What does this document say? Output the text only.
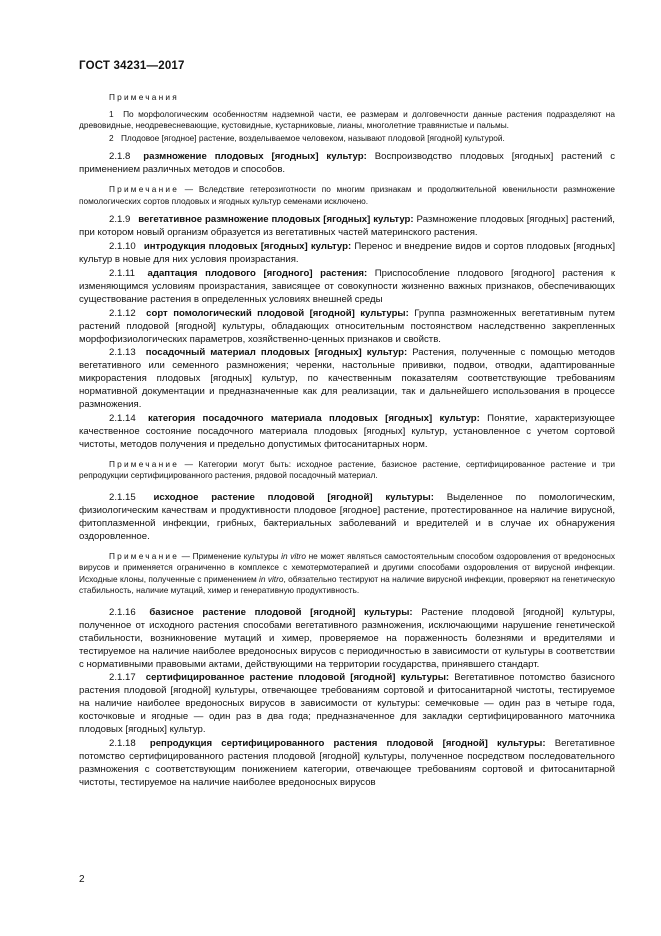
ГОСТ 34231—2017
Примечания

1 По морфологическим особенностям надземной части, ее размерам и долговечности данные растения подразделяют на древовидные, неодревесневающие, кустовидные, кустарниковые, лианы, многолетние травянистые и пальмы.

2 Плодовое [ягодное] растение, возделываемое человеком, называют плодовой [ягодной] культурой.

2.1.8 размножение плодовых [ягодных] культур: Воспроизводство плодовых [ягодных] растений с применением различных методов и способов.

Примечание — Вследствие гетерозиготности по многим признакам и продолжительной ювенильности размножение помологических сортов плодовых и ягодных культур семенами исключено.

2.1.9 вегетативное размножение плодовых [ягодных] культур: Размножение плодовых [ягодных] растений, при котором новый организм образуется из вегетативных частей материнского растения.

2.1.10 интродукция плодовых [ягодных] культур: Перенос и внедрение видов и сортов плодовых [ягодных] культур в новые для них условия произрастания.

2.1.11 адаптация плодового [ягодного] растения: Приспособление плодового [ягодного] растения к изменяющимся условиям произрастания, зависящее от совокупности жизненно важных признаков, обеспечивающих существование растения в определенных условиях внешней среды

2.1.12 сорт помологический плодовой [ягодной] культуры: Группа размноженных вегетативным путем растений плодовой [ягодной] культуры, обладающих относительным постоянством наследственно закрепленных морфофизиологических параметров, хозяйственно-ценных признаков и свойств.

2.1.13 посадочный материал плодовых [ягодных] культур: Растения, полученные с помощью методов вегетативного или семенного размножения; черенки, настольные прививки, подвои, отводки, адаптированные микрорастения плодовых [ягодных] культур, по качественным показателям соответствующие требованиям нормативной документации и предназначенные как для реализации, так и дальнейшего использования в процессе размножения.

2.1.14 категория посадочного материала плодовых [ягодных] культур: Понятие, характеризующее качественное состояние посадочного материала плодовых [ягодных] культур, установленное с учетом сортовой чистоты, методов получения и предельно допустимых фитосанитарных норм.

Примечание — Категории могут быть: исходное растение, базисное растение, сертифицированное растение и три репродукции сертифицированного растения, рядовой посадочный материал.

2.1.15 исходное растение плодовой [ягодной] культуры: Выделенное по помологическим, физиологическим качествам и продуктивности плодовое [ягодное] растение, протестированное на наличие вирусной, фитоплазменной инфекции, грибных, бактериальных заболеваний и вредителей и в случае их обнаружения оздоровленное.

Примечание — Применение культуры in vitro не может являться самостоятельным способом оздоровления от вредоносных вирусов и применяется ограниченно в комплексе с хемотермотерапией и другими способами оздоровления от вирусной инфекции. Исходные клоны, полученные с применением in vitro, обязательно тестируют на наличие вирусной инфекции, проверяют на генетическую стабильность, наличие мутаций, химер и генеративную продуктивность.

2.1.16 базисное растение плодовой [ягодной] культуры: Растение плодовой [ягодной] культуры, полученное от исходного растения способами вегетативного размножения, исключающими нарушение генетической стабильности, возникновение мутаций и химер, проверяемое на пораженность болезнями и вредителями и тестируемое на наличие наиболее вредоносных вирусов с периодичностью в зависимости от культуры в соответствии с нормативными правовыми актами, действующими на территории государства, принявшего стандарт.

2.1.17 сертифицированное растение плодовой [ягодной] культуры: Вегетативное потомство базисного растения плодовой [ягодной] культуры, отвечающее требованиям сортовой и фитосанитарной чистоты, тестируемое на наличие наиболее вредоносных вирусов в зависимости от культуры: семечковые — один раз в четыре года, косточковые и ягодные — один раз в два года; предназначенное для закладки сертифицированного маточника плодовых [ягодных] культур.

2.1.18 репродукция сертифицированного растения плодовой [ягодной] культуры: Вегетативное потомство сертифицированного растения плодовой [ягодной] культуры, полученное посредством последовательного размножения с соответствующим понижением категории, отвечающее требованиям сортовой и фитосанитарной чистоты, тестируемое на наличие наиболее вредоносных вирусов

2
